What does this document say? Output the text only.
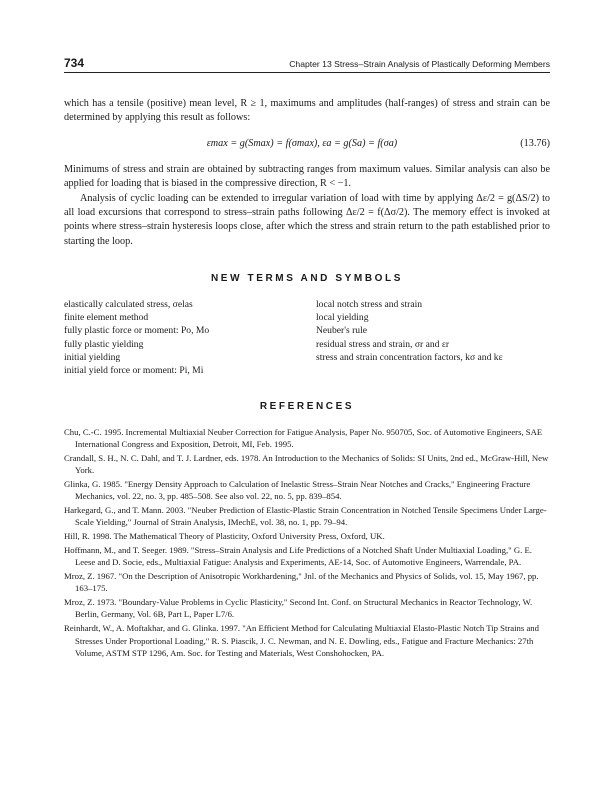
734	Chapter 13 Stress–Strain Analysis of Plastically Deforming Members

which has a tensile (positive) mean level, R ≥ 1, maximums and amplitudes (half-ranges) of stress and strain can be determined by applying this result as follows:

εmax = g(Smax) = f(σmax), εa = g(Sa) = f(σa)	(13.76)

Minimums of stress and strain are obtained by subtracting ranges from maximum values. Similar analysis can also be applied for loading that is biased in the compressive direction, R < −1.

Analysis of cyclic loading can be extended to irregular variation of load with time by applying Δε/2 = g(ΔS/2) to all load excursions that correspond to stress–strain paths following Δε/2 = f(Δσ/2). The memory effect is invoked at points where stress–strain hysteresis loops close, after which the stress and strain return to the path established prior to starting the loop.

NEW TERMS AND SYMBOLS
elastically calculated stress, σelas
finite element method
fully plastic force or moment: Po, Mo
fully plastic yielding
initial yielding
initial yield force or moment: Pi, Mi
local notch stress and strain
local yielding
Neuber's rule
residual stress and strain, σr and εr
stress and strain concentration factors, kσ and kε
REFERENCES

Chu, C.-C. 1995. Incremental Multiaxial Neuber Correction for Fatigue Analysis, Paper No. 950705, Soc. of Automotive Engineers, SAE International Congress and Exposition, Detroit, MI, Feb. 1995.

Crandall, S. H., N. C. Dahl, and T. J. Lardner, eds. 1978. An Introduction to the Mechanics of Solids: SI Units, 2nd ed., McGraw-Hill, New York.

Glinka, G. 1985. "Energy Density Approach to Calculation of Inelastic Stress–Strain Near Notches and Cracks," Engineering Fracture Mechanics, vol. 22, no. 3, pp. 485–508. See also vol. 22, no. 5, pp. 839–854.

Harkegard, G., and T. Mann. 2003. "Neuber Prediction of Elastic-Plastic Strain Concentration in Notched Tensile Specimens Under Large-Scale Yielding," Journal of Strain Analysis, IMechE, vol. 38, no. 1, pp. 79–94.

Hill, R. 1998. The Mathematical Theory of Plasticity, Oxford University Press, Oxford, UK.

Hoffmann, M., and T. Seeger. 1989. "Stress–Strain Analysis and Life Predictions of a Notched Shaft Under Multiaxial Loading," G. E. Leese and D. Socie, eds., Multiaxial Fatigue: Analysis and Experiments, AE-14, Soc. of Automotive Engineers, Warrendale, PA.

Mroz, Z. 1967. "On the Description of Anisotropic Workhardening," Jnl. of the Mechanics and Physics of Solids, vol. 15, May 1967, pp. 163–175.

Mroz, Z. 1973. "Boundary-Value Problems in Cyclic Plasticity," Second Int. Conf. on Structural Mechanics in Reactor Technology, W. Berlin, Germany, Vol. 6B, Part L, Paper L7/6.

Reinhardt, W., A. Moftakhar, and G. Glinka. 1997. "An Efficient Method for Calculating Multiaxial Elasto-Plastic Notch Tip Strains and Stresses Under Proportional Loading," R. S. Piascik, J. C. Newman, and N. E. Dowling, eds., Fatigue and Fracture Mechanics: 27th Volume, ASTM STP 1296, Am. Soc. for Testing and Materials, West Conshohocken, PA.
